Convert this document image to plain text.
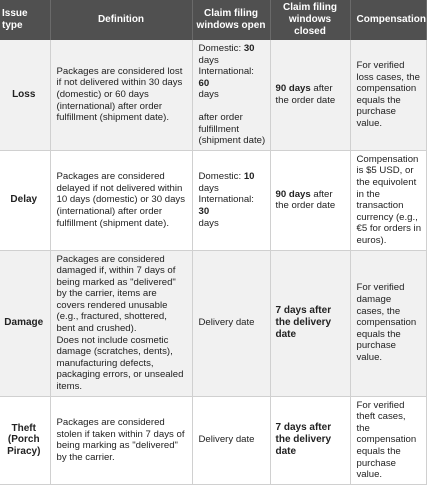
Issue type	Definition	Claim filing windows open	Claim filing windows closed	Compensation
Loss	Packages are considered lost if not delivered within 30 days (domestic) or 60 days (international) after order fulfillment (shipment date).	Domestic: 30 days International: 60
days
after order fulfillment (shipment date)	90 days after the order date	For verified loss cases, the compensation equals the purchase value.
Delay	Packages are considered delayed if not delivered within 10 days (domestic) or 30 days (international) after order fulfillment (shipment date).	Domestic: 10 days International: 30
days	90 days after the order date	Compensation is $5 USD, or the equivolent in the transaction currency (e.g., €5 for orders in euros).
Damage	Packages are considered damaged if, within 7 days of being marked as "delivered" by the carrier, items are covers rendered unusable (e.g., fractured, shottered, bent and crushed).
Does not include cosmetic damage (scratches, dents), manufacturing defects, packaging errors, or unsealed items.	Delivery date	7 days after the delivery date	For verified damage cases, the compensation equals the purchase value.
Theft (Porch Piracy)	Packages are considered stolen if taken within 7 days of being marking as "delivered" by the carrier.	Delivery date	7 days after the delivery date	For verified theft cases, the compensation equals the purchase value.
